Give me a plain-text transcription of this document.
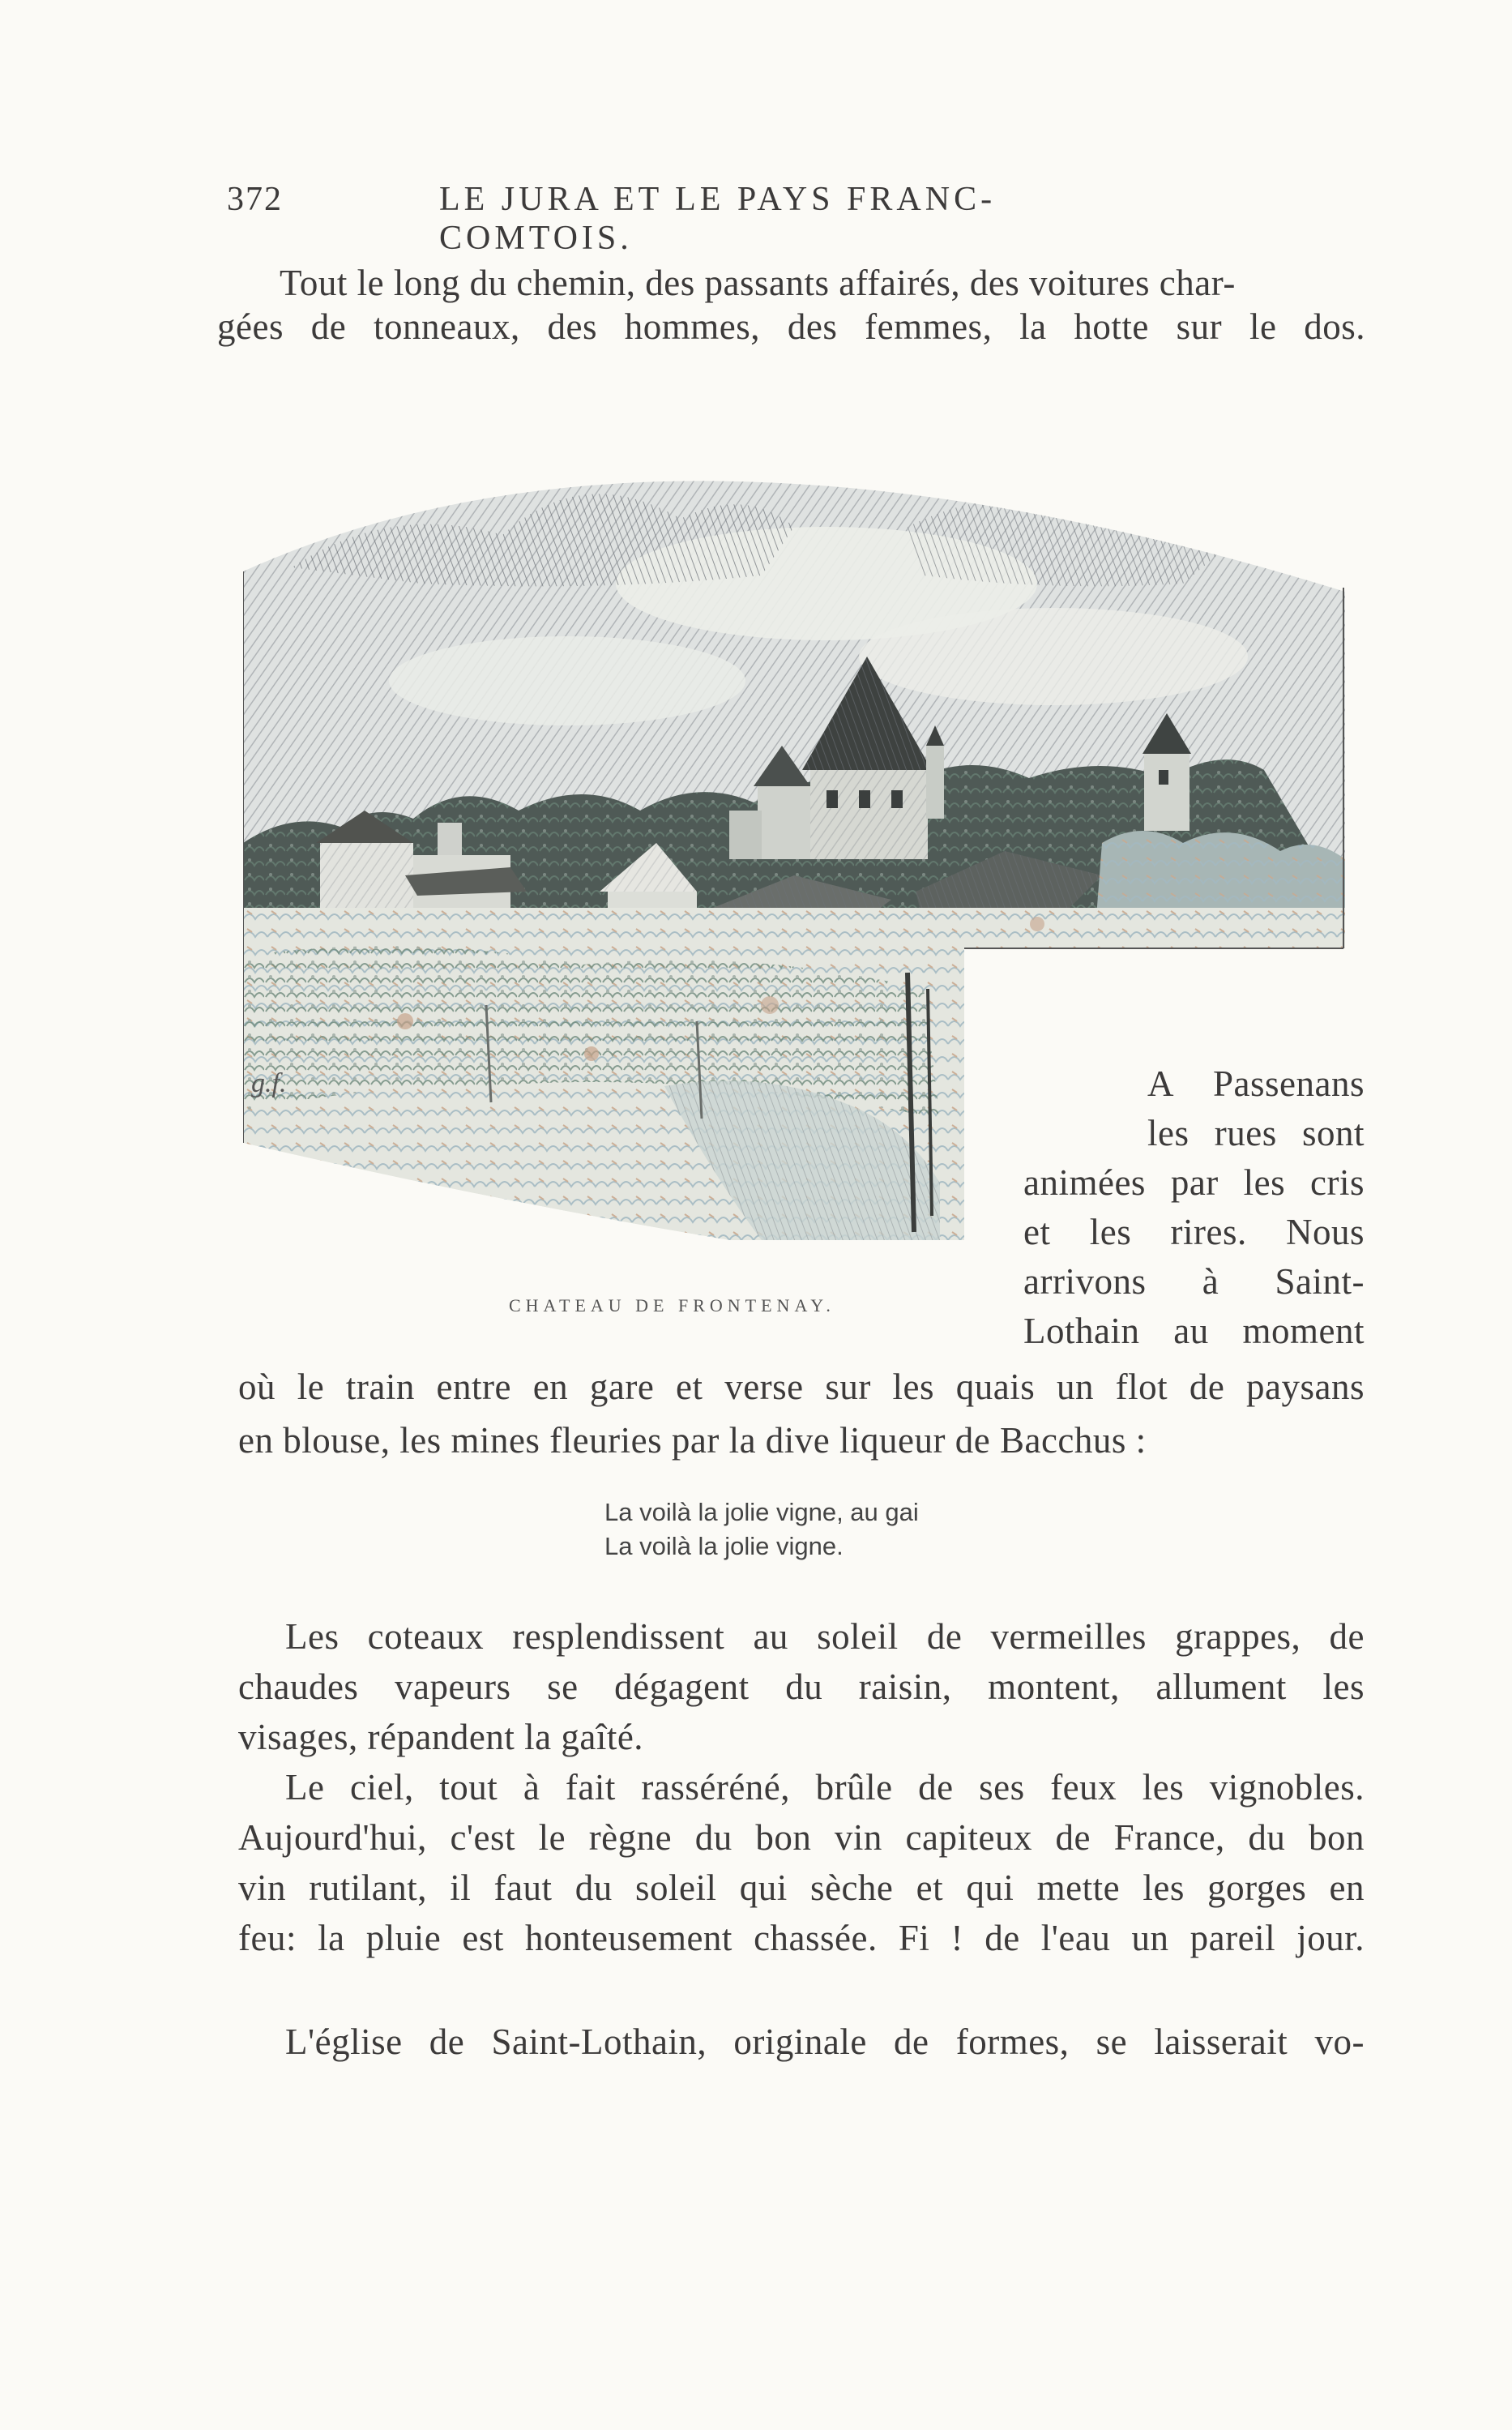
372	LE JURA ET LE PAYS FRANC-COMTOIS.
Tout le long du chemin, des passants affairés, des voitures char-
gées de tonneaux, des hommes, des femmes, la hotte sur le dos.
g.f.
CHATEAU DE FRONTENAY.
A Passenans
les rues sont
animées par les cris
et les rires. Nous
arrivons à Saint-
Lothain au moment
où le train entre en gare et verse sur les quais un flot de paysans
en blouse, les mines fleuries par la dive liqueur de Bacchus :
La voilà la jolie vigne, au gai
La voilà la jolie vigne.
Les coteaux resplendissent au soleil de vermeilles grappes, de
chaudes vapeurs se dégagent du raisin, montent, allument les
visages, répandent la gaîté.
Le ciel, tout à fait rasséréné, brûle de ses feux les vignobles.
Aujourd'hui, c'est le règne du bon vin capiteux de France, du bon
vin rutilant, il faut du soleil qui sèche et qui mette les gorges en
feu: la pluie est honteusement chassée. Fi ! de l'eau un pareil jour.
L'église de Saint-Lothain, originale de formes, se laisserait vo-
